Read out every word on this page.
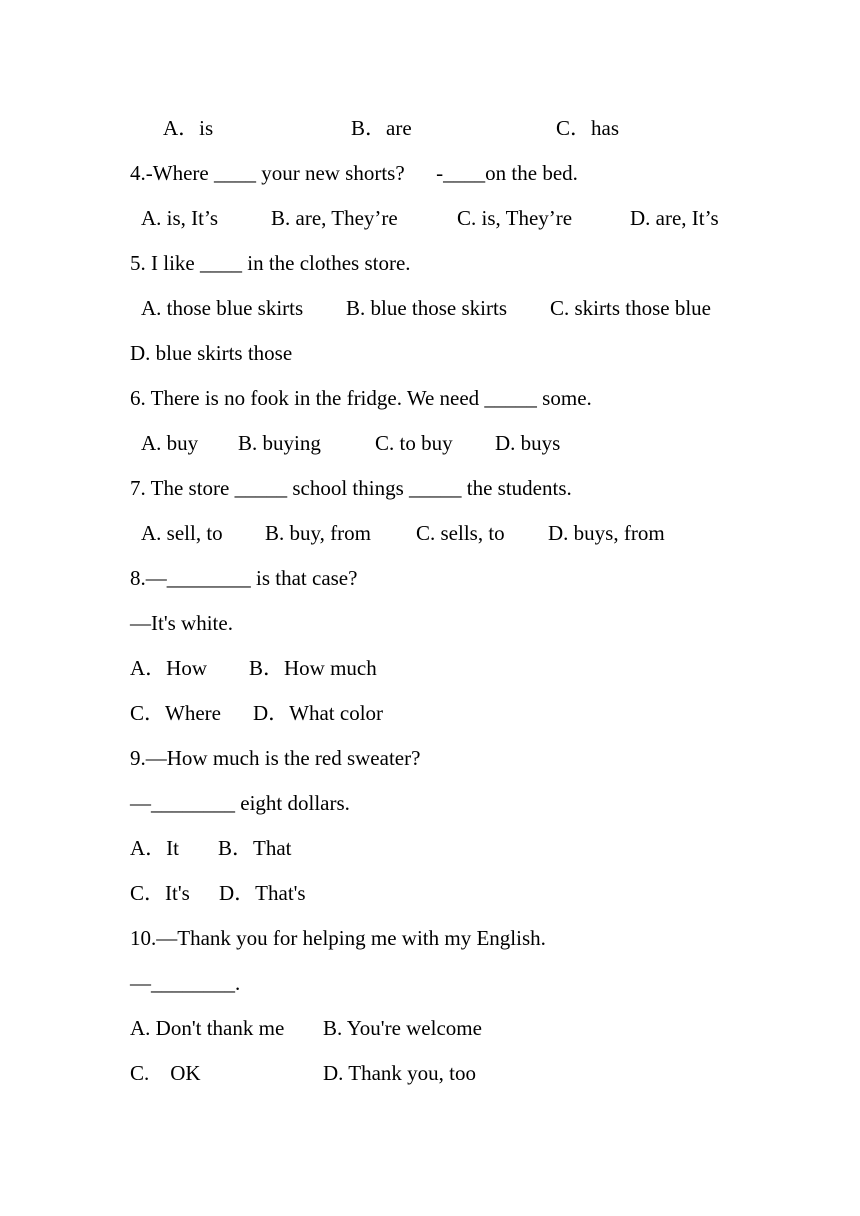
A．is	B．are	C．has
4.-Where ____ your new shorts?      -____on the bed.
A. is, It’s	B. are, They’re	C. is, They’re	D. are, It’s
5. I like ____ in the clothes store.
A. those blue skirts B. blue those skirts C. skirts those blue
D. blue skirts those
6. There is no fook in the fridge. We need _____ some.
A. buy B. buying	C. to buy D. buys
7. The store _____ school things _____ the students.
A. sell, to B. buy, from C. sells, to D. buys, from
8.—________ is that case?
—It's white.
A．How B．How much
C．Where D．What color
9.—How much is the red sweater?
—________ eight dollars.
A．It B．That
C．It's D．That's
10.—Thank you for helping me with my English.
—________.
A. Don't thank me B. You're welcome
C.    OK	D. Thank you, too
